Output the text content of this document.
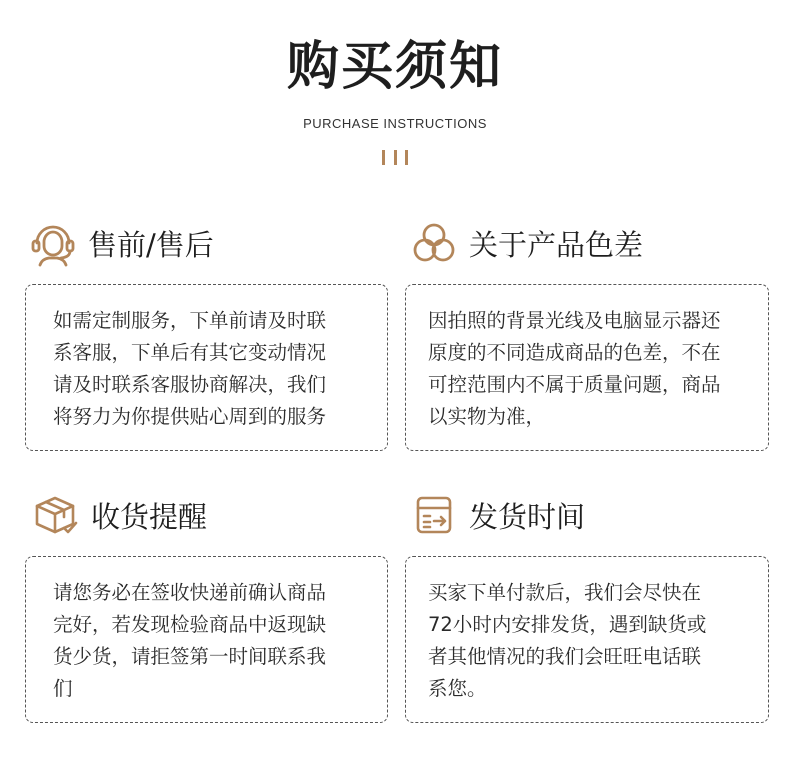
购买须知
PURCHASE INSTRUCTIONS
售前/售后
如需定制服务，下单前请及时联
系客服，下单后有其它变动情况
请及时联系客服协商解决，我们
将努力为你提供贴心周到的服务
关于产品色差
因拍照的背景光线及电脑显示器还
原度的不同造成商品的色差，不在
可控范围内不属于质量问题，商品
以实物为准，
收货提醒
请您务必在签收快递前确认商品
完好，若发现检验商品中返现缺
货少货，请拒签第一时间联系我
们
发货时间
买家下单付款后，我们会尽快在
72小时内安排发货，遇到缺货或
者其他情况的我们会旺旺电话联
系您。
